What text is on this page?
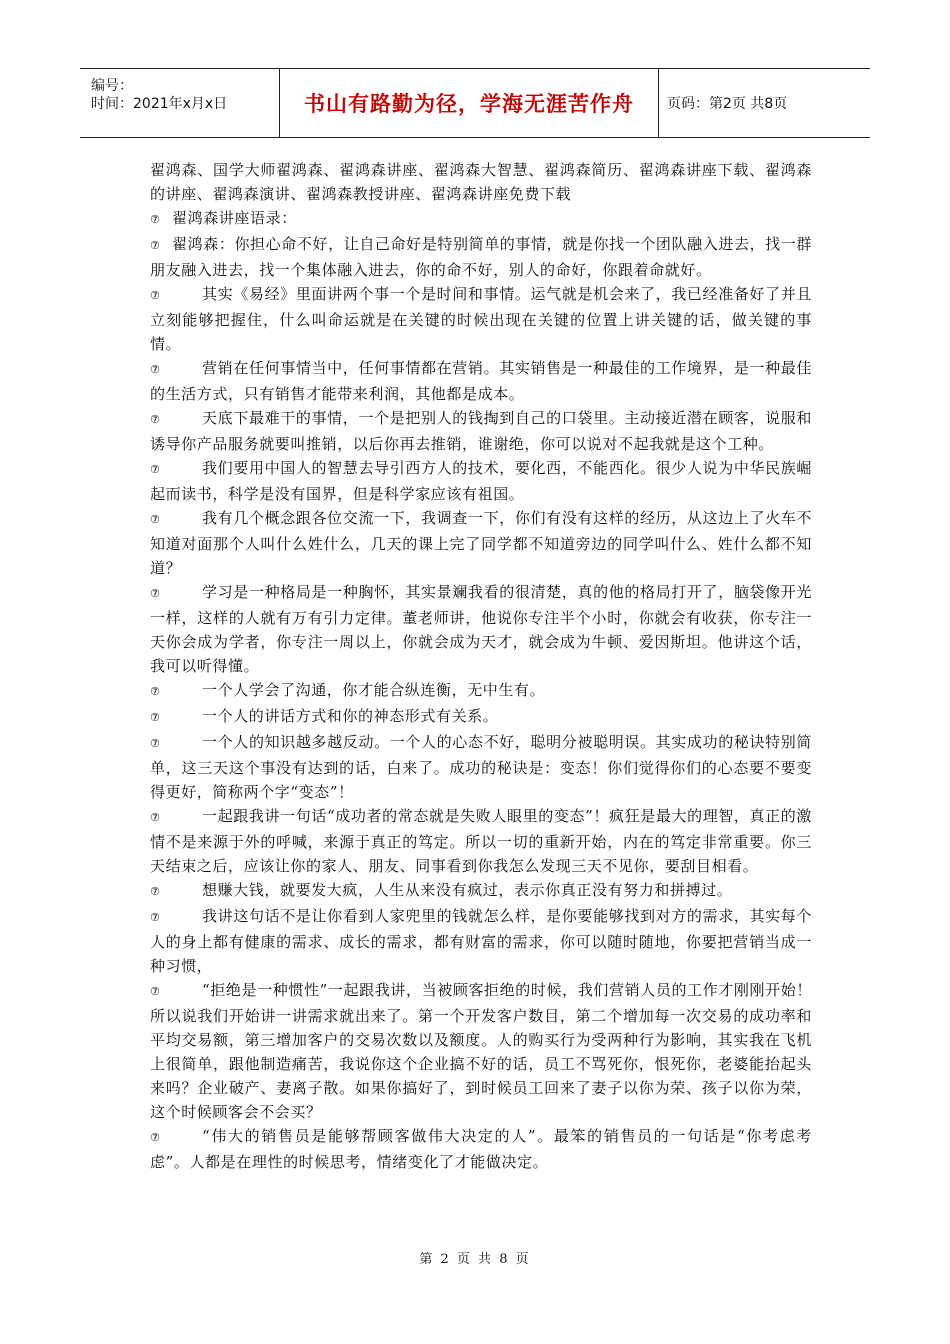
编号：
时间：2021年x月x日	书山有路勤为径，学海无涯苦作舟	页码：第2页 共8页

翟鸿森、国学大师翟鸿森、翟鸿森讲座、翟鸿森大智慧、翟鸿森简历、翟鸿森讲座下载、翟鸿森的讲座、翟鸿森演讲、翟鸿森教授讲座、翟鸿森讲座免费下载

⑦ 翟鸿森讲座语录：

⑦ 翟鸿森：你担心命不好，让自己命好是特别简单的事情，就是你找一个团队融入进去，找一群朋友融入进去，找一个集体融入进去，你的命不好，别人的命好，你跟着命就好。

⑦	其实《易经》里面讲两个事一个是时间和事情。运气就是机会来了，我已经准备好了并且立刻能够把握住，什么叫命运就是在关键的时候出现在关键的位置上讲关键的话，做关键的事情。

⑦	营销在任何事情当中，任何事情都在营销。其实销售是一种最佳的工作境界，是一种最佳的生活方式，只有销售才能带来利润，其他都是成本。

⑦	天底下最难干的事情，一个是把别人的钱掏到自己的口袋里。主动接近潜在顾客，说服和诱导你产品服务就要叫推销，以后你再去推销，谁谢绝，你可以说对不起我就是这个工种。

⑦	我们要用中国人的智慧去导引西方人的技术，要化西，不能西化。很少人说为中华民族崛起而读书，科学是没有国界，但是科学家应该有祖国。

⑦	我有几个概念跟各位交流一下，我调查一下，你们有没有这样的经历，从这边上了火车不知道对面那个人叫什么姓什么，几天的课上完了同学都不知道旁边的同学叫什么、姓什么都不知道？

⑦	学习是一种格局是一种胸怀，其实景斓我看的很清楚，真的他的格局打开了，脑袋像开光一样，这样的人就有万有引力定律。董老师讲，他说你专注半个小时，你就会有收获，你专注一天你会成为学者，你专注一周以上，你就会成为天才，就会成为牛顿、爱因斯坦。他讲这个话，我可以听得懂。

⑦	一个人学会了沟通，你才能合纵连衡，无中生有。

⑦	一个人的讲话方式和你的神态形式有关系。

⑦	一个人的知识越多越反动。一个人的心态不好，聪明分被聪明误。其实成功的秘诀特别简单，这三天这个事没有达到的话，白来了。成功的秘诀是：变态！你们觉得你们的心态要不要变得更好，简称两个字“变态”！

⑦	一起跟我讲一句话“成功者的常态就是失败人眼里的变态”！疯狂是最大的理智，真正的激情不是来源于外的呼喊，来源于真正的笃定。所以一切的重新开始，内在的笃定非常重要。你三天结束之后，应该让你的家人、朋友、同事看到你我怎么发现三天不见你，要刮目相看。

⑦	想赚大钱，就要发大疯，人生从来没有疯过，表示你真正没有努力和拼搏过。

⑦	我讲这句话不是让你看到人家兜里的钱就怎么样，是你要能够找到对方的需求，其实每个人的身上都有健康的需求、成长的需求，都有财富的需求，你可以随时随地，你要把营销当成一种习惯，

⑦	“拒绝是一种惯性”一起跟我讲，当被顾客拒绝的时候，我们营销人员的工作才刚刚开始！所以说我们开始讲一讲需求就出来了。第一个开发客户数目，第二个增加每一次交易的成功率和平均交易额，第三增加客户的交易次数以及额度。人的购买行为受两种行为影响，其实我在飞机上很简单，跟他制造痛苦，我说你这个企业搞不好的话，员工不骂死你，恨死你，老婆能抬起头来吗？企业破产、妻离子散。如果你搞好了，到时候员工回来了妻子以你为荣、孩子以你为荣，这个时候顾客会不会买？

⑦	“伟大的销售员是能够帮顾客做伟大决定的人”。最笨的销售员的一句话是“你考虑考虑”。人都是在理性的时候思考，情绪变化了才能做决定。

第 2 页 共 8 页
